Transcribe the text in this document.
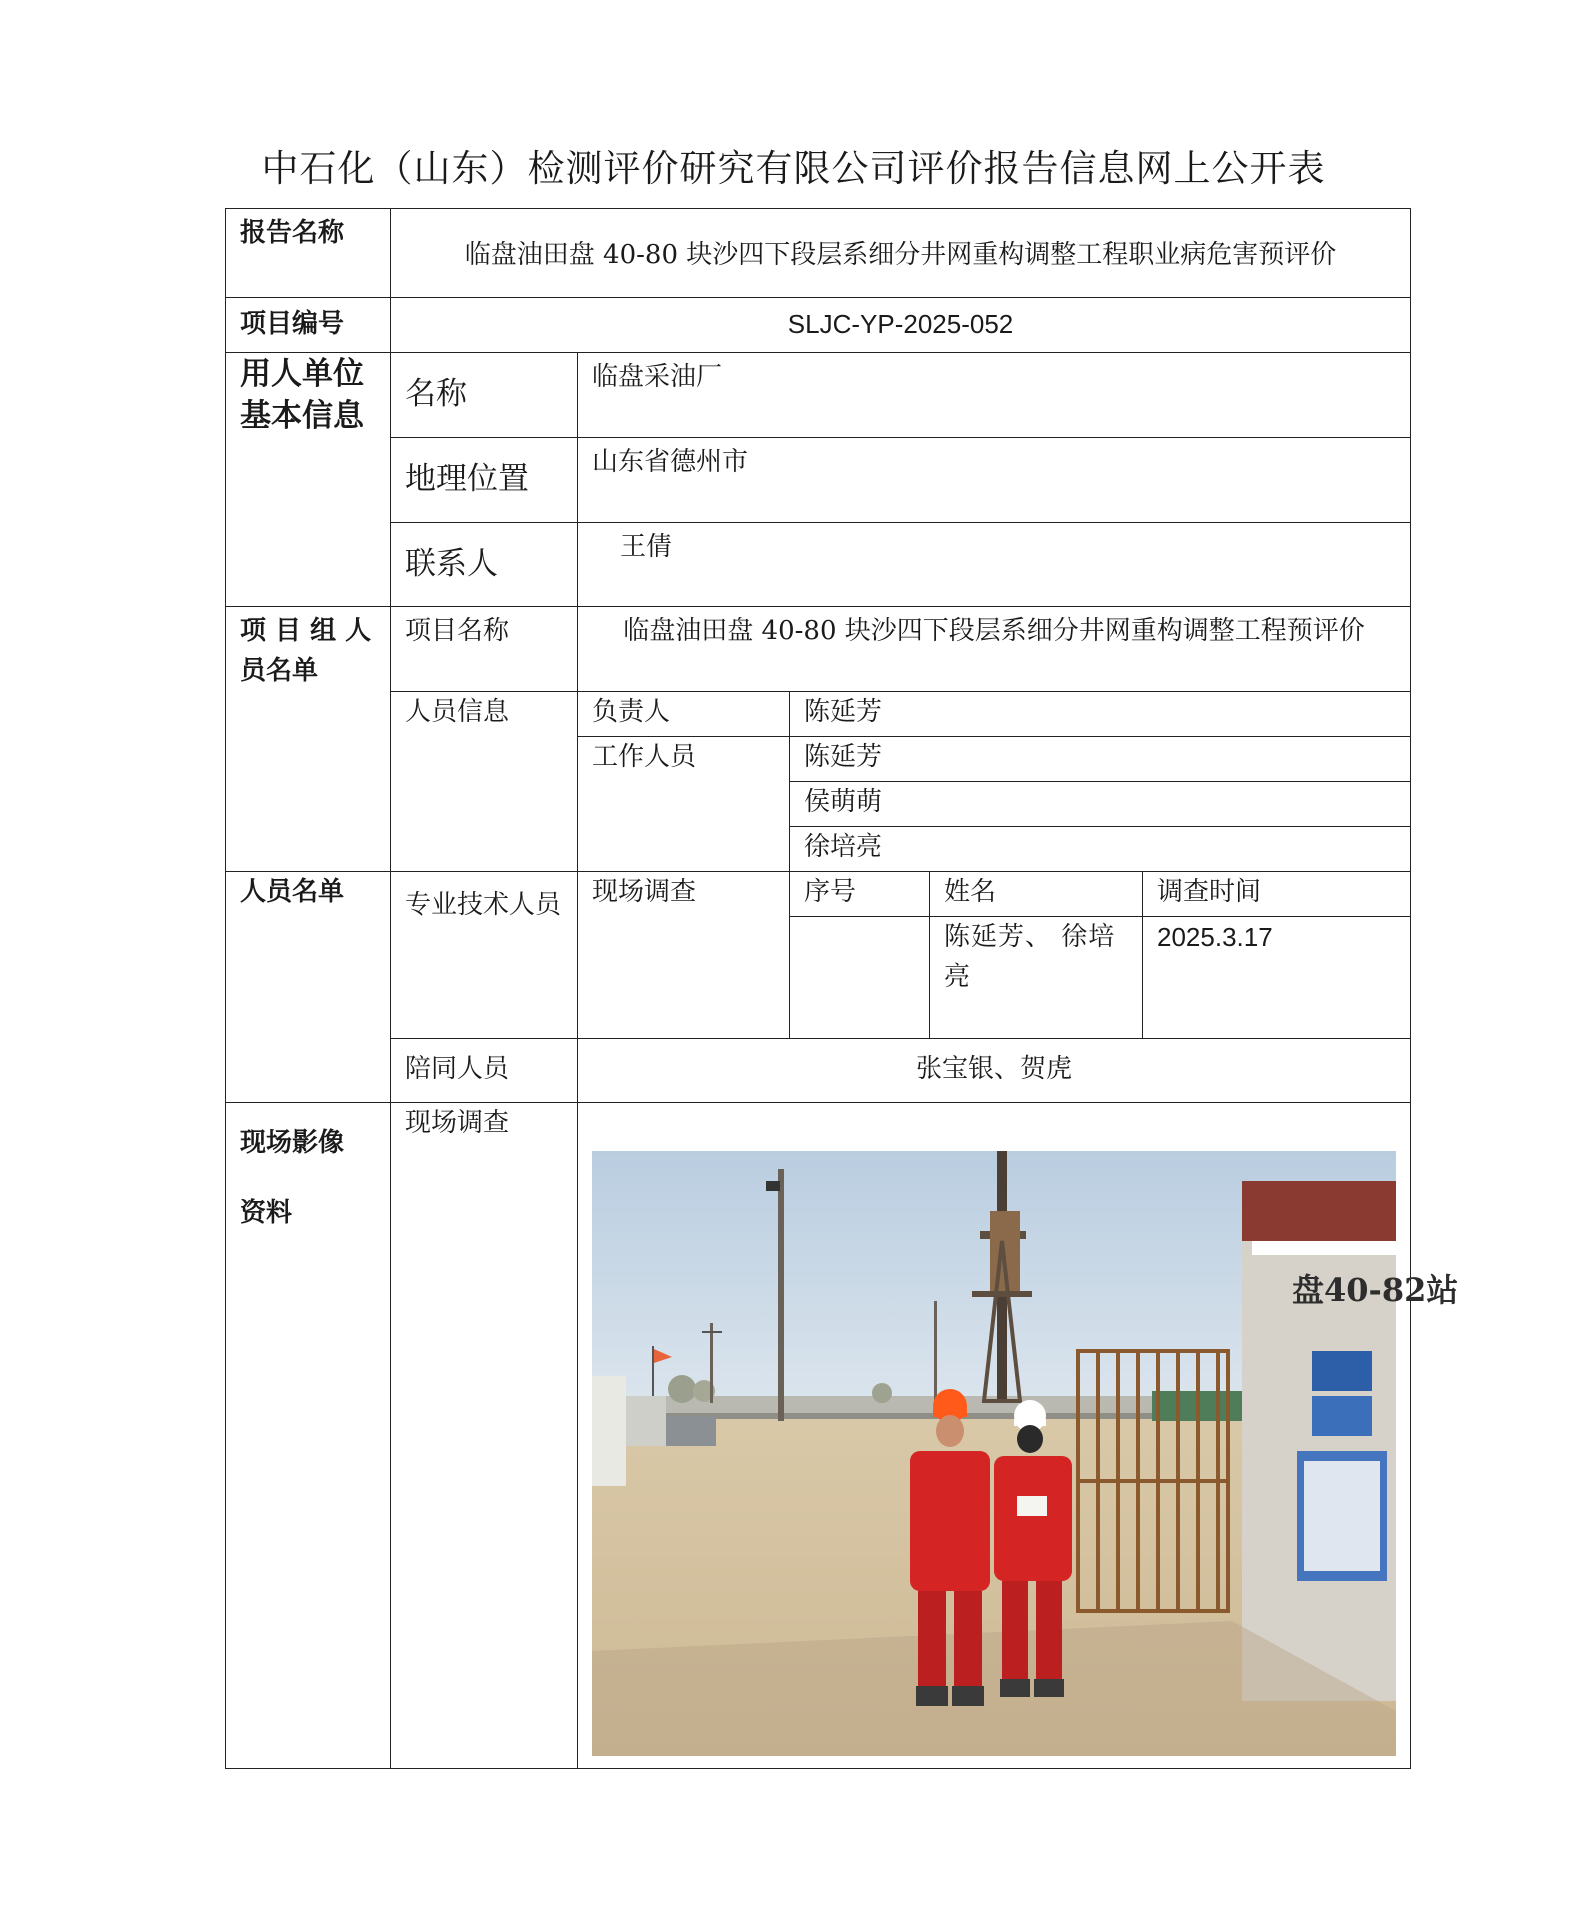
中石化（山东）检测评价研究有限公司评价报告信息网上公开表
报告名称	临盘油田盘 40-80 块沙四下段层系细分井网重构调整工程职业病危害预评价				
项目编号	SLJC-YP-2025-052				
用人单位基本信息	名称	临盘采油厂			
	地理位置	山东省德州市			
	联系人	王倩			
项 目 组 人员名单	项目名称	临盘油田盘 40-80 块沙四下段层系细分井网重构调整工程预评价			
	人员信息	负责人	陈延芳		
		工作人员	陈延芳		
			侯萌萌		
			徐培亮		
人员名单	专业技术人员	现场调查	序号	姓名	调查时间
				陈延芳、 徐培亮	2025.3.17
	陪同人员	张宝银、贺虎			

现场影像
资料	现场调查	盘40-82站			
